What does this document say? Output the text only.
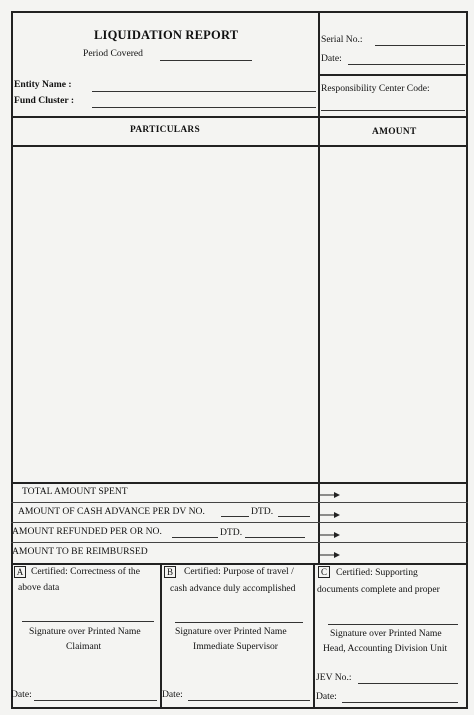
LIQUIDATION REPORT
Period Covered
Entity Name :
Fund Cluster :
Serial No.:
Date:
Responsibility Center Code:
PARTICULARS	AMOUNT
TOTAL AMOUNT SPENT
AMOUNT OF CASH ADVANCE PER DV NO.	DTD.
AMOUNT REFUNDED PER OR NO.	DTD.
AMOUNT TO BE REIMBURSED
A Certified: Correctness of the
above data
Signature over Printed Name
Claimant
Date:
B	Certified: Purpose of travel /
cash advance duly accomplished
Signature over Printed Name
Immediate Supervisor
Date:
C Certified: Supporting
documents complete and proper
Signature over Printed Name
Head, Accounting Division Unit
JEV No.:
Date:
